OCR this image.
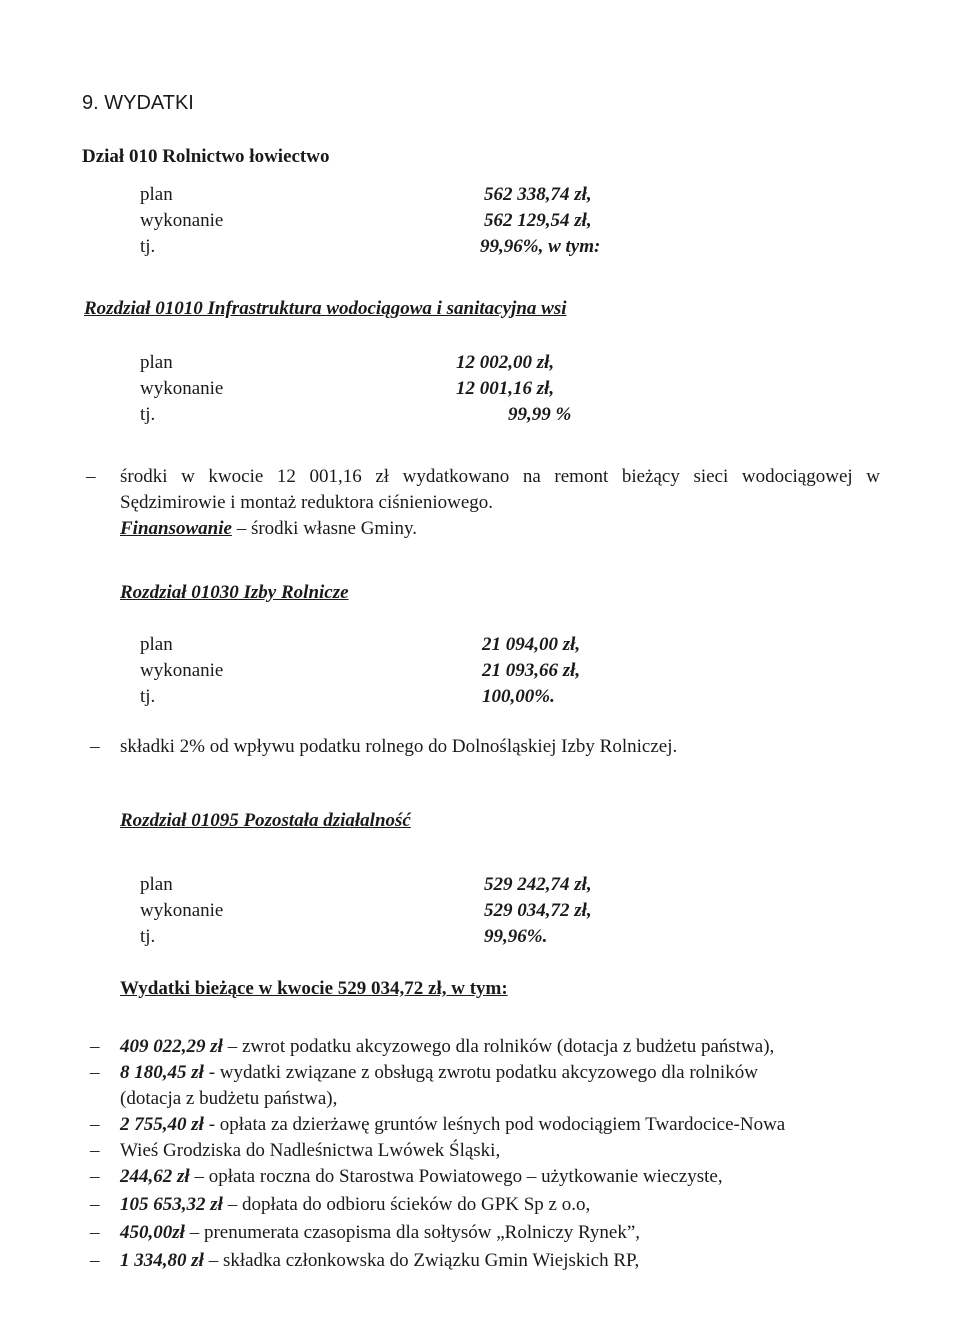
9. WYDATKI
Dział 010 Rolnictwo łowiectwo
plan
wykonanie
tj.
562 338,74 zł,
562 129,54 zł,
99,96%, w tym:
Rozdział 01010 Infrastruktura wodociągowa i sanitacyjna wsi
plan
wykonanie
tj.
12 002,00 zł,
12 001,16 zł,
99,99 %
– środki w kwocie 12 001,16 zł wydatkowano na remont bieżący sieci wodociągowej w
Sędzimirowie i montaż reduktora ciśnieniowego.
Finansowanie – środki własne Gminy.
Rozdział 01030 Izby Rolnicze
plan
wykonanie
tj.
21 094,00 zł,
21 093,66 zł,
100,00%.
– składki 2% od wpływu podatku rolnego do Dolnośląskiej Izby Rolniczej.
Rozdział 01095 Pozostała działalność
plan
wykonanie
tj.
529 242,74 zł,
529 034,72 zł,
99,96%.
Wydatki bieżące w kwocie 529 034,72 zł, w tym:
– 409 022,29 zł – zwrot podatku akcyzowego dla rolników (dotacja z budżetu państwa),
– 8 180,45 zł - wydatki związane z obsługą zwrotu podatku akcyzowego dla rolników
(dotacja z budżetu państwa),
– 2 755,40 zł - opłata za dzierżawę gruntów leśnych pod wodociągiem Twardocice-Nowa
– Wieś Grodziska do Nadleśnictwa Lwówek Śląski,
– 244,62 zł – opłata roczna do Starostwa Powiatowego – użytkowanie wieczyste,
– 105 653,32 zł – dopłata do odbioru ścieków do GPK Sp z o.o,
– 450,00zł – prenumerata czasopisma dla sołtysów „Rolniczy Rynek”,
– 1 334,80 zł – składka członkowska do Związku Gmin Wiejskich RP,
